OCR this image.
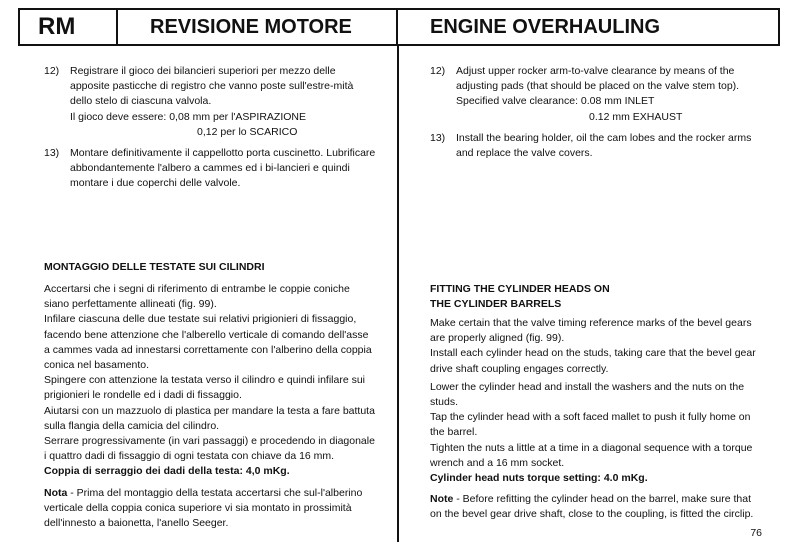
RM	REVISIONE MOTORE	ENGINE OVERHAULING
12)	Registrare il gioco dei bilancieri superiori per mezzo delle apposite pasticche di registro che vanno poste sull'estre-mità dello stelo di ciascuna valvola.
Il gioco deve essere: 0,08 mm per l'ASPIRAZIONE
0,12 per lo SCARICO
13)	Montare definitivamente il cappellotto porta cuscinetto. Lubrificare abbondantemente l'albero a cammes ed i bi-lancieri e quindi montare i due coperchi delle valvole.
MONTAGGIO DELLE TESTATE SUI CILINDRI

Accertarsi che i segni di riferimento di entrambe le coppie coniche siano perfettamente allineati (fig. 99).

Infilare ciascuna delle due testate sui relativi prigionieri di fissaggio, facendo bene attenzione che l'alberello verticale di comando dell'asse a cammes vada ad innestarsi correttamente con l'alberino della coppia conica nel basamento.

Spingere con attenzione la testata verso il cilindro e quindi infilare sui prigionieri le rondelle ed i dadi di fissaggio.

Aiutarsi con un mazzuolo di plastica per mandare la testa a fare battuta sulla flangia della camicia del cilindro.

Serrare progressivamente (in vari passaggi) e procedendo in diagonale i quattro dadi di fissaggio di ogni testata con chiave da 16 mm.

Coppia di serraggio dei dadi della testa: 4,0 mKg.

Nota - Prima del montaggio della testata accertarsi che sul-l'alberino verticale della coppia conica superiore vi sia montato in prossimità dell'innesto a baionetta, l'anello Seeger.

12)	Adjust upper rocker arm-to-valve clearance by means of the adjusting pads (that should be placed on the valve stem top).
Specified valve clearance: 0.08 mm INLET
0.12 mm EXHAUST
13)	Install the bearing holder, oil the cam lobes and the rocker arms and replace the valve covers.
FITTING THE CYLINDER HEADS ON
THE CYLINDER BARRELS

Make certain that the valve timing reference marks of the bevel gears are properly aligned (fig. 99).

Install each cylinder head on the studs, taking care that the bevel gear drive shaft coupling engages correctly.

Lower the cylinder head and install the washers and the nuts on the studs.

Tap the cylinder head with a soft faced mallet to push it fully home on the barrel.

Tighten the nuts a little at a time in a diagonal sequence with a torque wrench and a 16 mm socket.

Cylinder head nuts torque setting: 4.0 mKg.

Note - Before refitting the cylinder head on the barrel, make sure that on the bevel gear drive shaft, close to the coupling, is fitted the circlip.

76
